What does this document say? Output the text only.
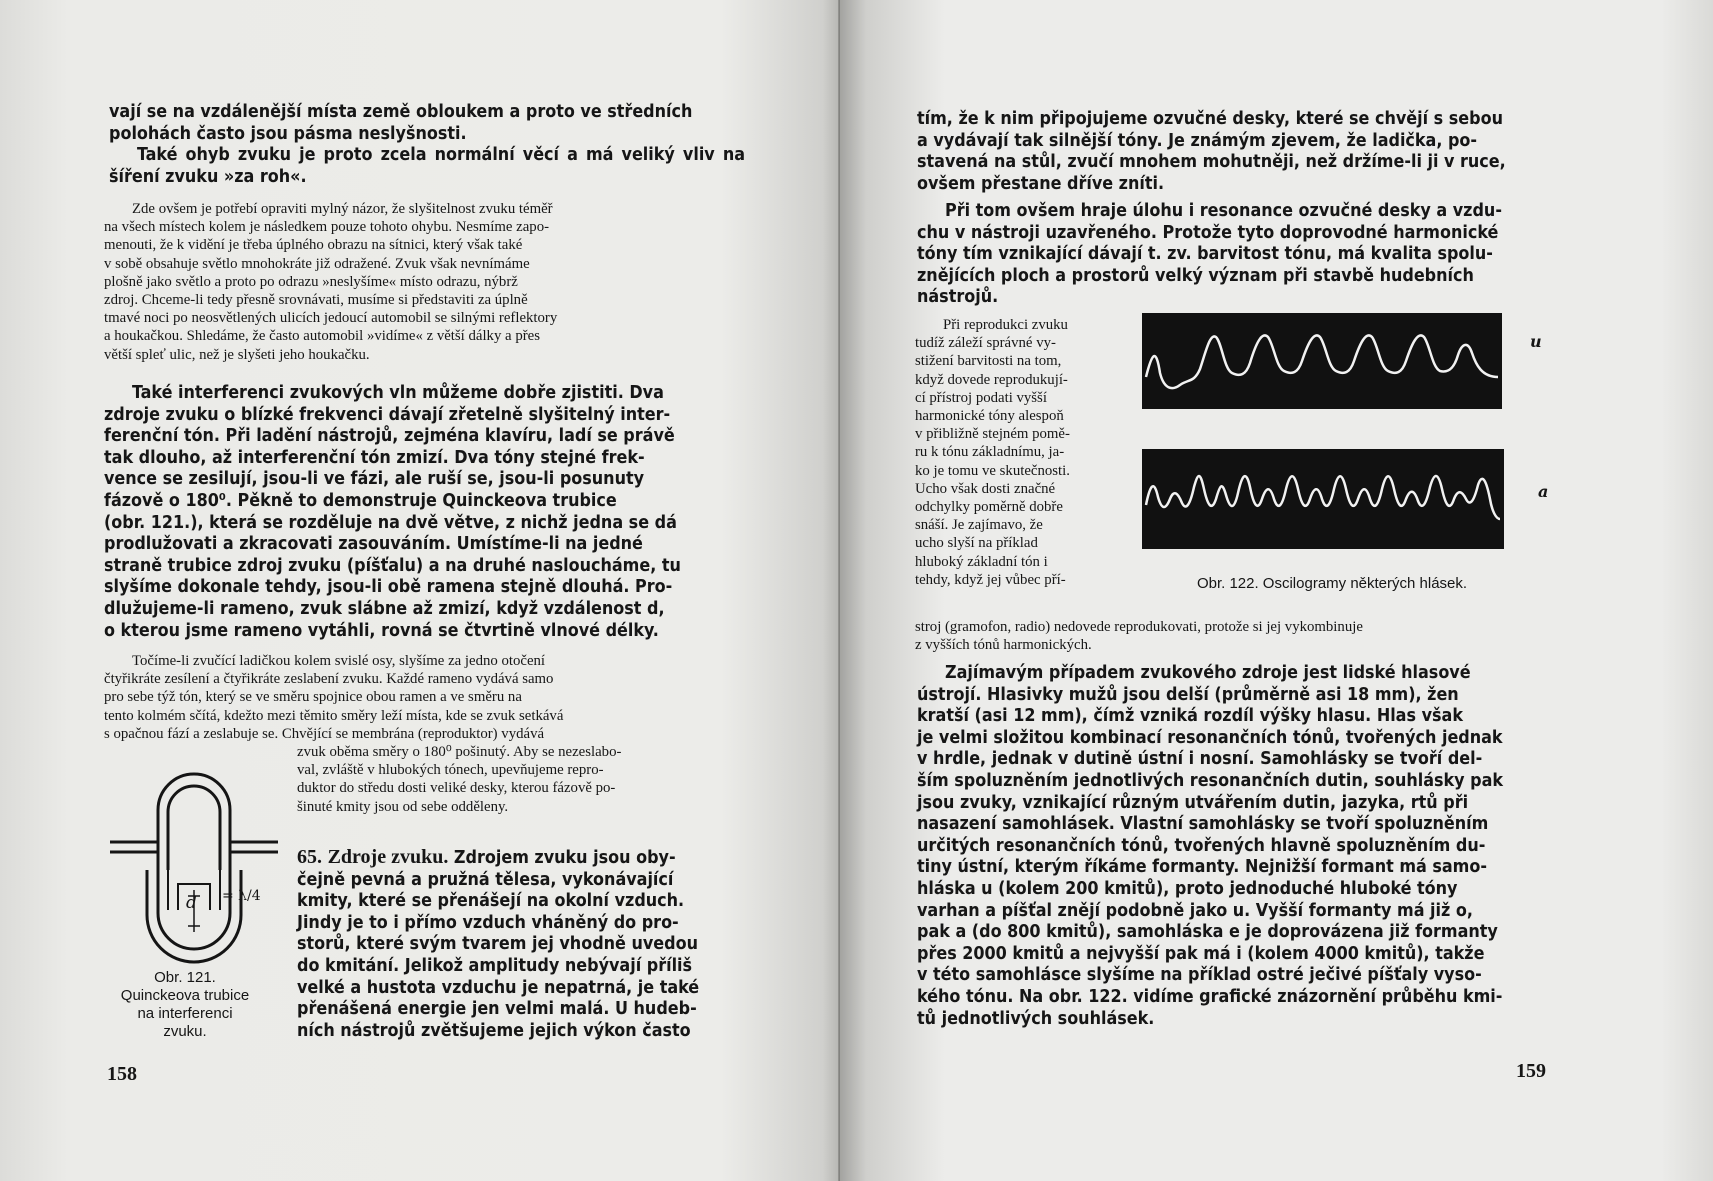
vají se na vzdálenější místa země obloukem a proto ve středních

polohách často jsou pásma neslyšnosti.

Také ohyb zvuku je proto zcela normální věcí a má veliký vliv na šíření zvuku »za roh«.

Zde ovšem je potřebí opraviti mylný názor, že slyšitelnost zvuku téměř

na všech místech kolem je následkem pouze tohoto ohybu. Nesmíme zapo-

menouti, že k vidění je třeba úplného obrazu na sítnici, který však také

v sobě obsahuje světlo mnohokráte již odražené. Zvuk však nevnímáme

plošně jako světlo a proto po odrazu »neslyšíme« místo odrazu, nýbrž

zdroj. Chceme-li tedy přesně srovnávati, musíme si představiti za úplně

tmavé noci po neosvětlených ulicích jedoucí automobil se silnými reflektory

a houkačkou. Shledáme, že často automobil »vidíme« z větší dálky a přes

větší spleť ulic, než je slyšeti jeho houkačku.

Také interferenci zvukových vln můžeme dobře zjistiti. Dva

zdroje zvuku o blízké frekvenci dávají zřetelně slyšitelný inter-

ferenční tón. Při ladění nástrojů, zejména klavíru, ladí se právě

tak dlouho, až interferenční tón zmizí. Dva tóny stejné frek-

vence se zesilují, jsou-li ve fázi, ale ruší se, jsou-li posunuty

fázově o 180⁰. Pěkně to demonstruje Quinckeova trubice

(obr. 121.), která se rozděluje na dvě větve, z nichž jedna se dá

prodlužovati a zkracovati zasouváním. Umístíme-li na jedné

straně trubice zdroj zvuku (píšťalu) a na druhé nasloucháme, tu

slyšíme dokonale tehdy, jsou-li obě ramena stejně dlouhá. Pro-

dlužujeme-li rameno, zvuk slábne až zmizí, když vzdálenost d,

o kterou jsme rameno vytáhli, rovná se čtvrtině vlnové délky.

Točíme-li zvučící ladičkou kolem svislé osy, slyšíme za jedno otočení

čtyřikráte zesílení a čtyřikráte zeslabení zvuku. Každé rameno vydává samo

pro sebe týž tón, který se ve směru spojnice obou ramen a ve směru na

tento kolmém sčítá, kdežto mezi těmito směry leží místa, kde se zvuk setkává

s opačnou fází a zeslabuje se. Chvějící se membrána (reproduktor) vydává

zvuk oběma směry o 180⁰ pošinutý. Aby se nezeslabo-

val, zvláště v hlubokých tónech, upevňujeme repro-

duktor do středu dosti veliké desky, kterou fázově po-

šinuté kmity jsou od sebe odděleny.

d = λ/4
Obr. 121.
Quinckeova trubice
na interferenci
zvuku.

65. Zdroje zvuku. Zdrojem zvuku jsou oby-

čejně pevná a pružná tělesa, vykonávající

kmity, které se přenášejí na okolní vzduch.

Jindy je to i přímo vzduch vháněný do pro-

storů, které svým tvarem jej vhodně uvedou

do kmitání. Jelikož amplitudy nebývají příliš

velké a hustota vzduchu je nepatrná, je také

přenášená energie jen velmi malá. U hudeb-

ních nástrojů zvětšujeme jejich výkon často

158

tím, že k nim připojujeme ozvučné desky, které se chvějí s sebou

a vydávají tak silnější tóny. Je známým zjevem, že ladička, po-

stavená na stůl, zvučí mnohem mohutněji, než držíme-li ji v ruce,

ovšem přestane dříve zníti.

Při tom ovšem hraje úlohu i resonance ozvučné desky a vzdu-

chu v nástroji uzavřeného. Protože tyto doprovodné harmonické

tóny tím vznikající dávají t. zv. barvitost tónu, má kvalita spolu-

znějících ploch a prostorů velký význam při stavbě hudebních

nástrojů.

Při reprodukci zvuku

tudíž záleží správné vy-

stižení barvitosti na tom,

když dovede reprodukují-

cí přístroj podati vyšší

harmonické tóny alespoň

v přibližně stejném pomě-

ru k tónu základnímu, ja-

ko je tomu ve skutečnosti.

Ucho však dosti značné

odchylky poměrně dobře

snáší. Je zajímavo, že

ucho slyší na příklad

hluboký základní tón i

tehdy, když jej vůbec pří-

u
a
Obr. 122. Oscilogramy některých hlásek.

stroj (gramofon, radio) nedovede reprodukovati, protože si jej vykombinuje

z vyšších tónů harmonických.

Zajímavým případem zvukového zdroje jest lidské hlasové

ústrojí. Hlasivky mužů jsou delší (průměrně asi 18 mm), žen

kratší (asi 12 mm), čímž vzniká rozdíl výšky hlasu. Hlas však

je velmi složitou kombinací resonančních tónů, tvořených jednak

v hrdle, jednak v dutině ústní i nosní. Samohlásky se tvoří del-

ším spoluzněním jednotlivých resonančních dutin, souhlásky pak

jsou zvuky, vznikající různým utvářením dutin, jazyka, rtů při

nasazení samohlásek. Vlastní samohlásky se tvoří spoluzněním

určitých resonančních tónů, tvořených hlavně spoluzněním du-

tiny ústní, kterým říkáme formanty. Nejnižší formant má samo-

hláska u (kolem 200 kmitů), proto jednoduché hluboké tóny

varhan a píšťal znějí podobně jako u. Vyšší formanty má již o,

pak a (do 800 kmitů), samohláska e je doprovázena již formanty

přes 2000 kmitů a nejvyšší pak má i (kolem 4000 kmitů), takže

v této samohlásce slyšíme na příklad ostré ječivé píšťaly vyso-

kého tónu. Na obr. 122. vidíme grafické znázornění průběhu kmi-

tů jednotlivých souhlásek.

159
